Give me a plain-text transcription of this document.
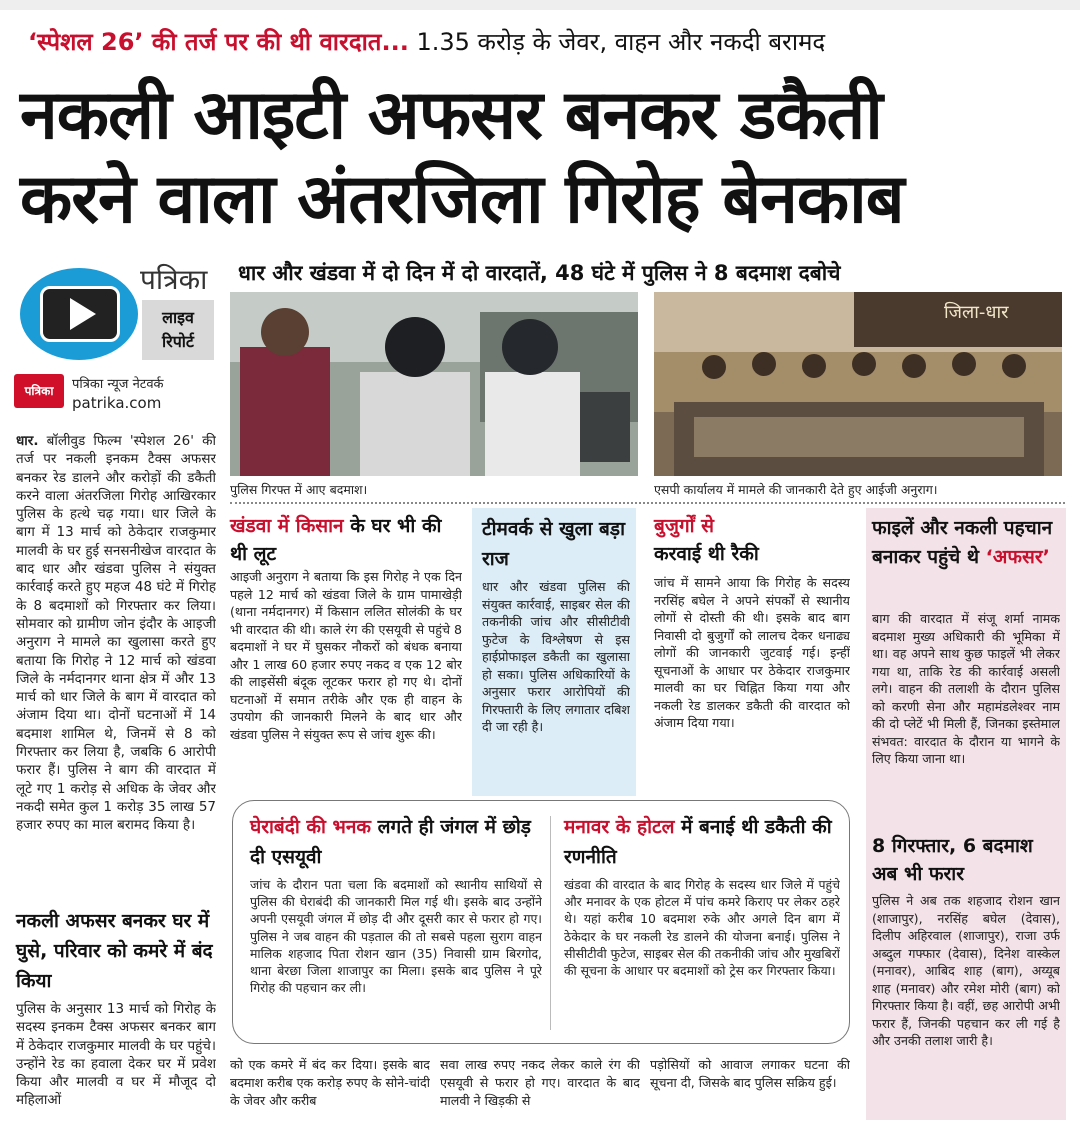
‘स्पेशल 26’ की तर्ज पर की थी वारदात... 1.35 करोड़ के जेवर, वाहन और नकदी बरामद
नकली आइटी अफसर बनकर डकैती
करने वाला अंतरजिला गिरोह बेनकाब
पत्रिका
लाइव
रिपोर्ट
धार और खंडवा में दो दिन में दो वारदातें, 48 घंटे में पुलिस ने 8 बदमाश दबोचे
पत्रिका	पत्रिका न्यूज नेटवर्क
patrika.com
पुलिस गिरफ्त में आए बदमाश।
जिला-धार
एसपी कार्यालय में मामले की जानकारी देते हुए आईजी अनुराग।
धार. बॉलीवुड फिल्म 'स्पेशल 26' की तर्ज पर नकली इनकम टैक्स अफसर बनकर रेड डालने और करोड़ों की डकैती करने वाला अंतरजिला गिरोह आखिरकार पुलिस के हत्थे चढ़ गया। धार जिले के बाग में 13 मार्च को ठेकेदार राजकुमार मालवी के घर हुई सनसनीखेज वारदात के बाद धार और खंडवा पुलिस ने संयुक्त कार्रवाई करते हुए महज 48 घंटे में गिरोह के 8 बदमाशों को गिरफ्तार कर लिया। सोमवार को ग्रामीण जोन इंदौर के आइजी अनुराग ने मामले का खुलासा करते हुए बताया कि गिरोह ने 12 मार्च को खंडवा जिले के नर्मदानगर थाना क्षेत्र में और 13 मार्च को धार जिले के बाग में वारदात को अंजाम दिया था। दोनों घटनाओं में 14 बदमाश शामिल थे, जिनमें से 8 को गिरफ्तार कर लिया है, जबकि 6 आरोपी फरार हैं। पुलिस ने बाग की वारदात में लूटे गए 1 करोड़ से अधिक के जेवर और नकदी समेत कुल 1 करोड़ 35 लाख 57 हजार रुपए का माल बरामद किया है।
नकली अफसर बनकर घर में घुसे, परिवार को कमरे में बंद किया
पुलिस के अनुसार 13 मार्च को गिरोह के सदस्य इनकम टैक्स अफसर बनकर बाग में ठेकेदार राजकुमार मालवी के घर पहुंचे। उन्होंने रेड का हवाला देकर घर में प्रवेश किया और मालवी व घर में मौजूद दो महिलाओं
खंडवा में किसान के घर भी की थी लूट
आइजी अनुराग ने बताया कि इस गिरोह ने एक दिन पहले 12 मार्च को खंडवा जिले के ग्राम पामाखेड़ी (थाना नर्मदानगर) में किसान ललित सोलंकी के घर भी वारदात की थी। काले रंग की एसयूवी से पहुंचे 8 बदमाशों ने घर में घुसकर नौकरों को बंधक बनाया और 1 लाख 60 हजार रुपए नकद व एक 12 बोर की लाइसेंसी बंदूक लूटकर फरार हो गए थे। दोनों घटनाओं में समान तरीके और एक ही वाहन के उपयोग की जानकारी मिलने के बाद धार और खंडवा पुलिस ने संयुक्त रूप से जांच शुरू की।
टीमवर्क से खुला बड़ा राज
धार और खंडवा पुलिस की संयुक्त कार्रवाई, साइबर सेल की तकनीकी जांच और सीसीटीवी फुटेज के विश्लेषण से इस हाईप्रोफाइल डकैती का खुलासा हो सका। पुलिस अधिकारियों के अनुसार फरार आरोपियों की गिरफ्तारी के लिए लगातार दबिश दी जा रही है।
बुजुर्गों से
करवाई थी रैकी
जांच में सामने आया कि गिरोह के सदस्य नरसिंह बघेल ने अपने संपर्कों से स्थानीय लोगों से दोस्ती की थी। इसके बाद बाग निवासी दो बुजुर्गों को लालच देकर धनाढ्य लोगों की जानकारी जुटवाई गई। इन्हीं सूचनाओं के आधार पर ठेकेदार राजकुमार मालवी का घर चिह्नित किया गया और नकली रेड डालकर डकैती की वारदात को अंजाम दिया गया।
फाइलें और नकली पहचान बनाकर पहुंचे थे ‘अफसर’
बाग की वारदात में संजू शर्मा नामक बदमाश मुख्य अधिकारी की भूमिका में था। वह अपने साथ कुछ फाइलें भी लेकर गया था, ताकि रेड की कार्रवाई असली लगे। वाहन की तलाशी के दौरान पुलिस को करणी सेना और महामंडलेश्वर नाम की दो प्लेटें भी मिली हैं, जिनका इस्तेमाल संभवत: वारदात के दौरान या भागने के लिए किया जाना था।
8 गिरफ्तार, 6 बदमाश अब भी फरार
पुलिस ने अब तक शहजाद रोशन खान (शाजापुर), नरसिंह बघेल (देवास), दिलीप अहिरवाल (शाजापुर), राजा उर्फ अब्दुल गफ्फार (देवास), दिनेश वास्केल (मनावर), आबिद शाह (बाग), अय्यूब शाह (मनावर) और रमेश मोरी (बाग) को गिरफ्तार किया है। वहीं, छह आरोपी अभी फरार हैं, जिनकी पहचान कर ली गई है और उनकी तलाश जारी है।
घेराबंदी की भनक लगते ही जंगल में छोड़ दी एसयूवी
जांच के दौरान पता चला कि बदमाशों को स्थानीय साथियों से पुलिस की घेराबंदी की जानकारी मिल गई थी। इसके बाद उन्होंने अपनी एसयूवी जंगल में छोड़ दी और दूसरी कार से फरार हो गए। पुलिस ने जब वाहन की पड़ताल की तो सबसे पहला सुराग वाहन मालिक शहजाद पिता रोशन खान (35) निवासी ग्राम बिरगोद, थाना बेरछा जिला शाजापुर का मिला। इसके बाद पुलिस ने पूरे गिरोह की पहचान कर ली।
मनावर के होटल में बनाई थी डकैती की रणनीति
खंडवा की वारदात के बाद गिरोह के सदस्य धार जिले में पहुंचे और मनावर के एक होटल में पांच कमरे किराए पर लेकर ठहरे थे। यहां करीब 10 बदमाश रुके और अगले दिन बाग में ठेकेदार के घर नकली रेड डालने की योजना बनाई। पुलिस ने सीसीटीवी फुटेज, साइबर सेल की तकनीकी जांच और मुखबिरों की सूचना के आधार पर बदमाशों को ट्रेस कर गिरफ्तार किया।
को एक कमरे में बंद कर दिया। इसके बाद बदमाश करीब एक करोड़ रुपए के सोने-चांदी के जेवर और करीब
सवा लाख रुपए नकद लेकर काले रंग की एसयूवी से फरार हो गए। वारदात के बाद मालवी ने खिड़की से
पड़ोसियों को आवाज लगाकर घटना की सूचना दी, जिसके बाद पुलिस सक्रिय हुई।
